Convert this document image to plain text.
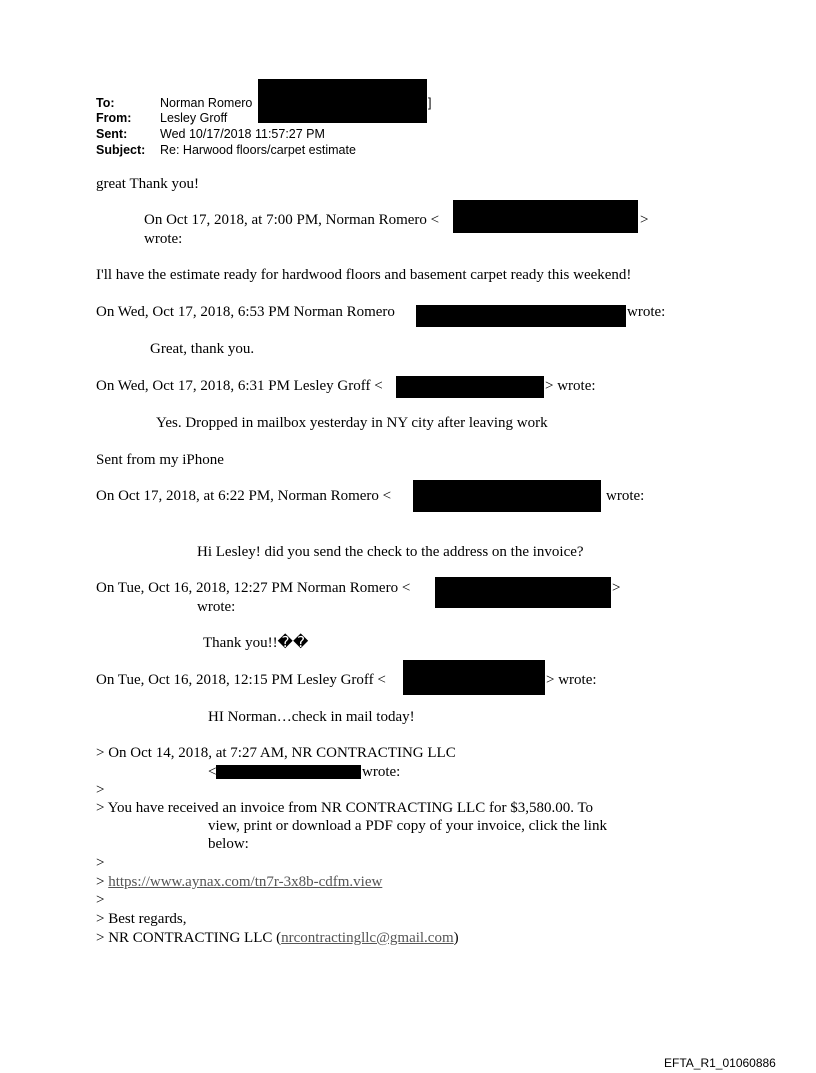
To:	Norman Romero	]
From: Lesley Groff
Sent:	Wed 10/17/2018 11:57:27 PM
Subject: Re: Harwood floors/carpet estimate
great Thank you!
On Oct 17, 2018, at 7:00 PM, Norman Romero <	>
wrote:
I'll have the estimate ready for hardwood floors and basement carpet ready this weekend!
On Wed, Oct 17, 2018, 6:53 PM Norman Romero	wrote:
Great, thank you.
On Wed, Oct 17, 2018, 6:31 PM Lesley Groff <	> wrote:
Yes. Dropped in mailbox yesterday in NY city after leaving work
Sent from my iPhone
On Oct 17, 2018, at 6:22 PM, Norman Romero <	wrote:
Hi Lesley! did you send the check to the address on the invoice?
On Tue, Oct 16, 2018, 12:27 PM Norman Romero <	>
wrote:
Thank you!!��
On Tue, Oct 16, 2018, 12:15 PM Lesley Groff <	> wrote:
HI Norman…check in mail today!
> On Oct 14, 2018, at 7:27 AM, NR CONTRACTING LLC
<	wrote:
>
> You have received an invoice from NR CONTRACTING LLC for $3,580.00. To
view, print or download a PDF copy of your invoice, click the link
below:
>
> https://www.aynax.com/tn7r-3x8b-cdfm.view
>
> Best regards,
> NR CONTRACTING LLC (nrcontractingllc@gmail.com)
EFTA_R1_01060886
